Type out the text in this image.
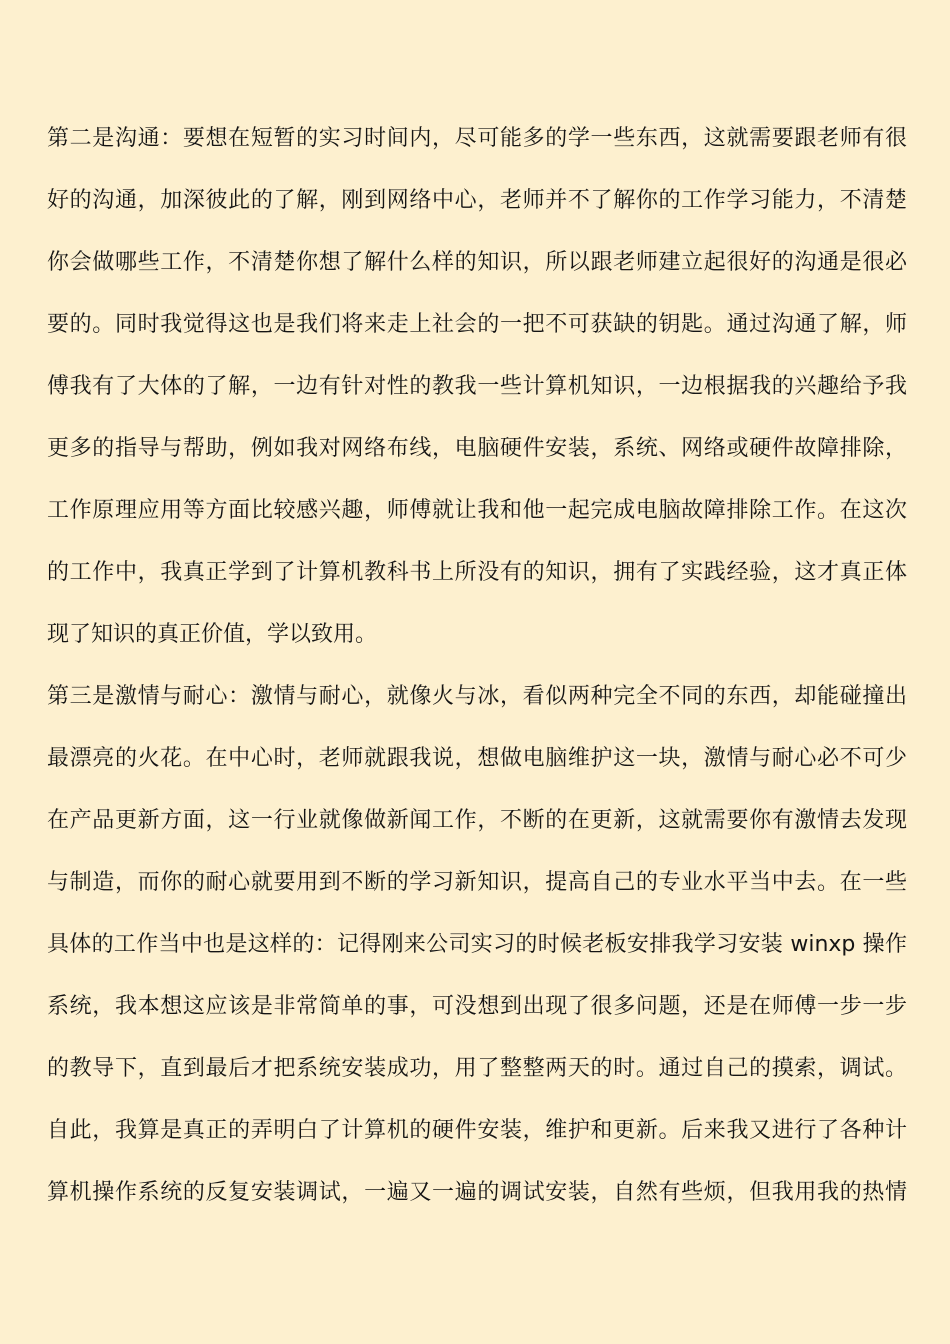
第二是沟通：要想在短暂的实习时间内，尽可能多的学一些东西，这就需要跟老师有很
好的沟通，加深彼此的了解，刚到网络中心，老师并不了解你的工作学习能力，不清楚
你会做哪些工作，不清楚你想了解什么样的知识，所以跟老师建立起很好的沟通是很必
要的。同时我觉得这也是我们将来走上社会的一把不可获缺的钥匙。通过沟通了解，师
傅我有了大体的了解，一边有针对性的教我一些计算机知识，一边根据我的兴趣给予我
更多的指导与帮助，例如我对网络布线，电脑硬件安装，系统、网络或硬件故障排除，
工作原理应用等方面比较感兴趣，师傅就让我和他一起完成电脑故障排除工作。在这次
的工作中，我真正学到了计算机教科书上所没有的知识，拥有了实践经验，这才真正体
现了知识的真正价值，学以致用。
第三是激情与耐心：激情与耐心，就像火与冰，看似两种完全不同的东西，却能碰撞出
最漂亮的火花。在中心时，老师就跟我说，想做电脑维护这一块，激情与耐心必不可少
在产品更新方面，这一行业就像做新闻工作，不断的在更新，这就需要你有激情去发现
与制造，而你的耐心就要用到不断的学习新知识，提高自己的专业水平当中去。在一些
具体的工作当中也是这样的：记得刚来公司实习的时候老板安排我学习安装 winxp 操作
系统，我本想这应该是非常简单的事，可没想到出现了很多问题，还是在师傅一步一步
的教导下，直到最后才把系统安装成功，用了整整两天的时。通过自己的摸索，调试。
自此，我算是真正的弄明白了计算机的硬件安装，维护和更新。后来我又进行了各种计
算机操作系统的反复安装调试，一遍又一遍的调试安装，自然有些烦，但我用我的热情
